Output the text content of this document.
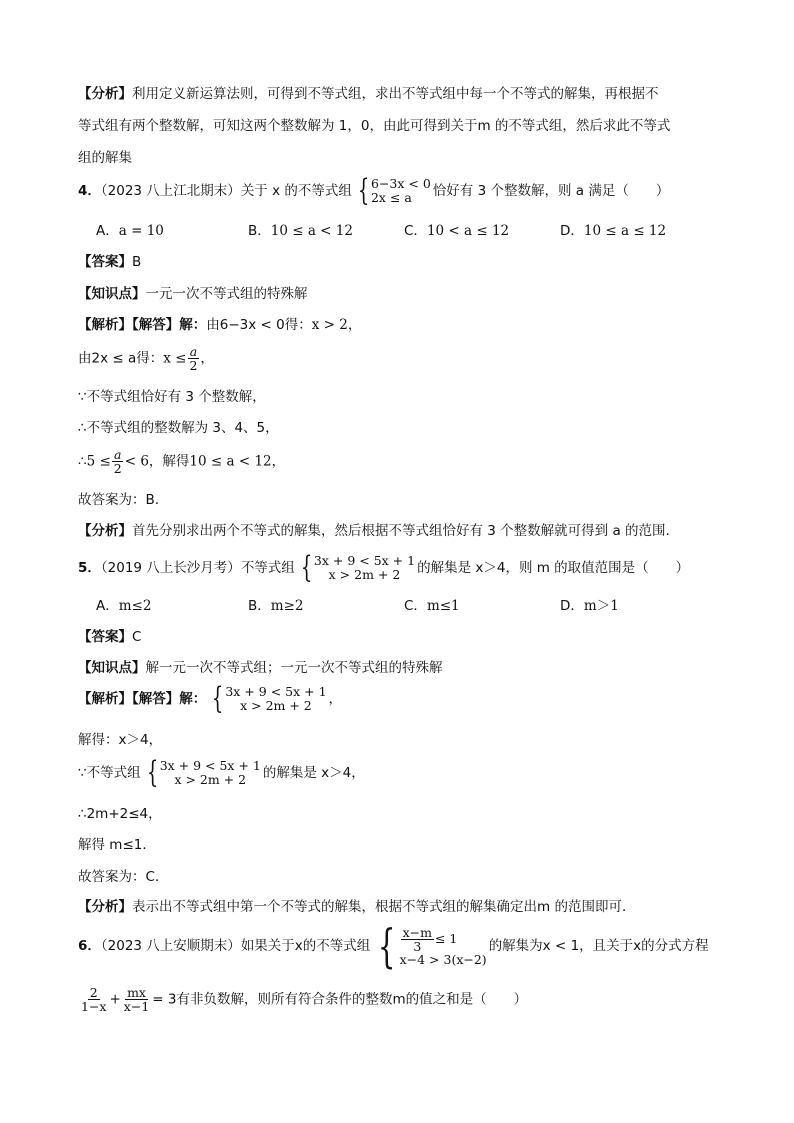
【分析】利用定义新运算法则，可得到不等式组，求出不等式组中每一个不等式的解集，再根据不
等式组有两个整数解，可知这两个整数解为 1，0，由此可得到关于m 的不等式组，然后求此不等式
组的解集
4．（2023 八上江北期末）关于 x 的不等式组 { 6−3x < 0
2x ≤ a	恰好有 3 个整数解，则 a 满足（　　）
A．a = 10	B．10 ≤ a < 12	C．10 < a ≤ 12	D．10 ≤ a ≤ 12
【答案】B
【知识点】一元一次不等式组的特殊解
【解析】【解答】解：由6−3x < 0得：x > 2，
由2x ≤ a得：$x \le \frac{a}{2}$ ，
∵不等式组恰好有 3 个整数解，
∴不等式组的整数解为 3、4、5，
∴5 ≤ $\frac{a}{2} < 6$，解得10 ≤ a < 12，
故答案为：B.
【分析】首先分别求出两个不等式的解集，然后根据不等式组恰好有 3 个整数解就可得到 a 的范围.
5．（2019 八上长沙月考）不等式组 { 3x + 9 < 5x + 1
x > 2m + 2 的解集是 x＞4，则 m 的取值范围是（　　）
A．m≤2	B．m≥2	C．m≤1	D．m＞1
【答案】C
【知识点】解一元一次不等式组；一元一次不等式组的特殊解
【解析】【解答】解： { 3x + 9 < 5x + 1
x > 2m + 2 ，
解得：x＞4，
∵不等式组 { 3x + 9 < 5x + 1
x > 2m + 2 的解集是 x＞4，
∴2m+2≤4，
解得 m≤1．
故答案为：C．
【分析】表示出不等式组中第一个不等式的解集，根据不等式组的解集确定出m 的范围即可．
6．（2023 八上安顺期末）如果关于x的不等式组 { $\frac{x-m}{3} \le 1$
x−4 > 3(x−2)
的解集为x < 1，且关于x的分式方程
$\frac{2}{1-x} + \frac{mx}{x-1} = 3$有非负数解，则所有符合条件的整数m的值之和是（　　）
